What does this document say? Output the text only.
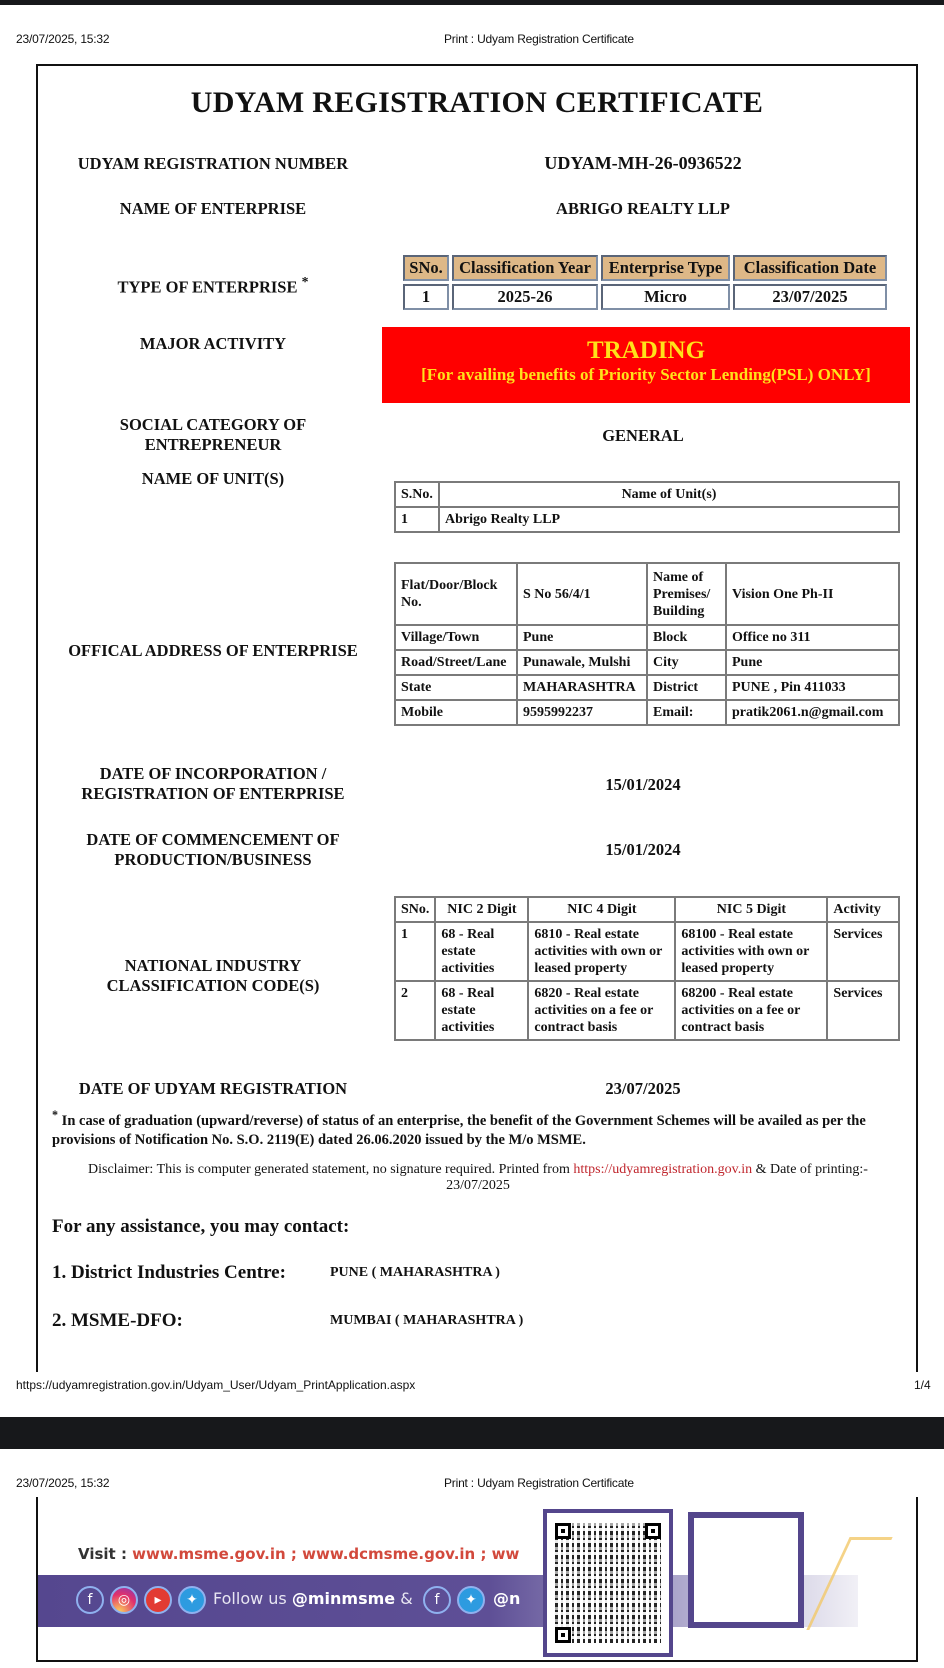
23/07/2025, 15:32	Print : Udyam Registration Certificate
UDYAM REGISTRATION CERTIFICATE
UDYAM REGISTRATION NUMBER	UDYAM-MH-26-0936522
NAME OF ENTERPRISE	ABRIGO REALTY LLP
TYPE OF ENTERPRISE *
SNo.	Classification Year	Enterprise Type	Classification Date
1	2025-26	Micro	23/07/2025
MAJOR ACTIVITY	TRADING
[For availing benefits of Priority Sector Lending(PSL) ONLY]
SOCIAL CATEGORY OF
ENTREPRENEUR	GENERAL
NAME OF UNIT(S)
S.No.	Name of Unit(s)
1	Abrigo Realty LLP
OFFICAL ADDRESS OF ENTERPRISE
Flat/Door/Block No.	S No 56/4/1	Name of Premises/ Building	Vision One Ph-II
Village/Town	Pune	Block	Office no 311
Road/Street/Lane	Punawale, Mulshi	City	Pune
State	MAHARASHTRA	District	PUNE , Pin 411033
Mobile	9595992237	Email:	pratik2061.n@gmail.com
DATE OF INCORPORATION /
REGISTRATION OF ENTERPRISE	15/01/2024
DATE OF COMMENCEMENT OF
PRODUCTION/BUSINESS
15/01/2024
NATIONAL INDUSTRY
CLASSIFICATION CODE(S)
SNo.	NIC 2 Digit	NIC 4 Digit	NIC 5 Digit	Activity
1	68 - Real estate activities	6810 - Real estate activities with own or leased property	68100 - Real estate activities with own or leased property	Services
2	68 - Real estate activities	6820 - Real estate activities on a fee or contract basis	68200 - Real estate activities on a fee or contract basis	Services
DATE OF UDYAM REGISTRATION	23/07/2025
* In case of graduation (upward/reverse) of status of an enterprise, the benefit of the Government Schemes will be availed as per the provisions of Notification No. S.O. 2119(E) dated 26.06.2020 issued by the M/o MSME.
Disclaimer: This is computer generated statement, no signature required. Printed from https://udyamregistration.gov.in & Date of printing:-
23/07/2025
For any assistance, you may contact:
1. District Industries Centre:	PUNE ( MAHARASHTRA )
2. MSME-DFO:	MUMBAI ( MAHARASHTRA )
https://udyamregistration.gov.in/Udyam_User/Udyam_PrintApplication.aspx	1/4
23/07/2025, 15:32	Print : Udyam Registration Certificate
Visit : www.msme.gov.in ; www.dcmsme.gov.in ; ww
f	◎	▸	✦ Follow us @minmsme &	f	✦	@n
